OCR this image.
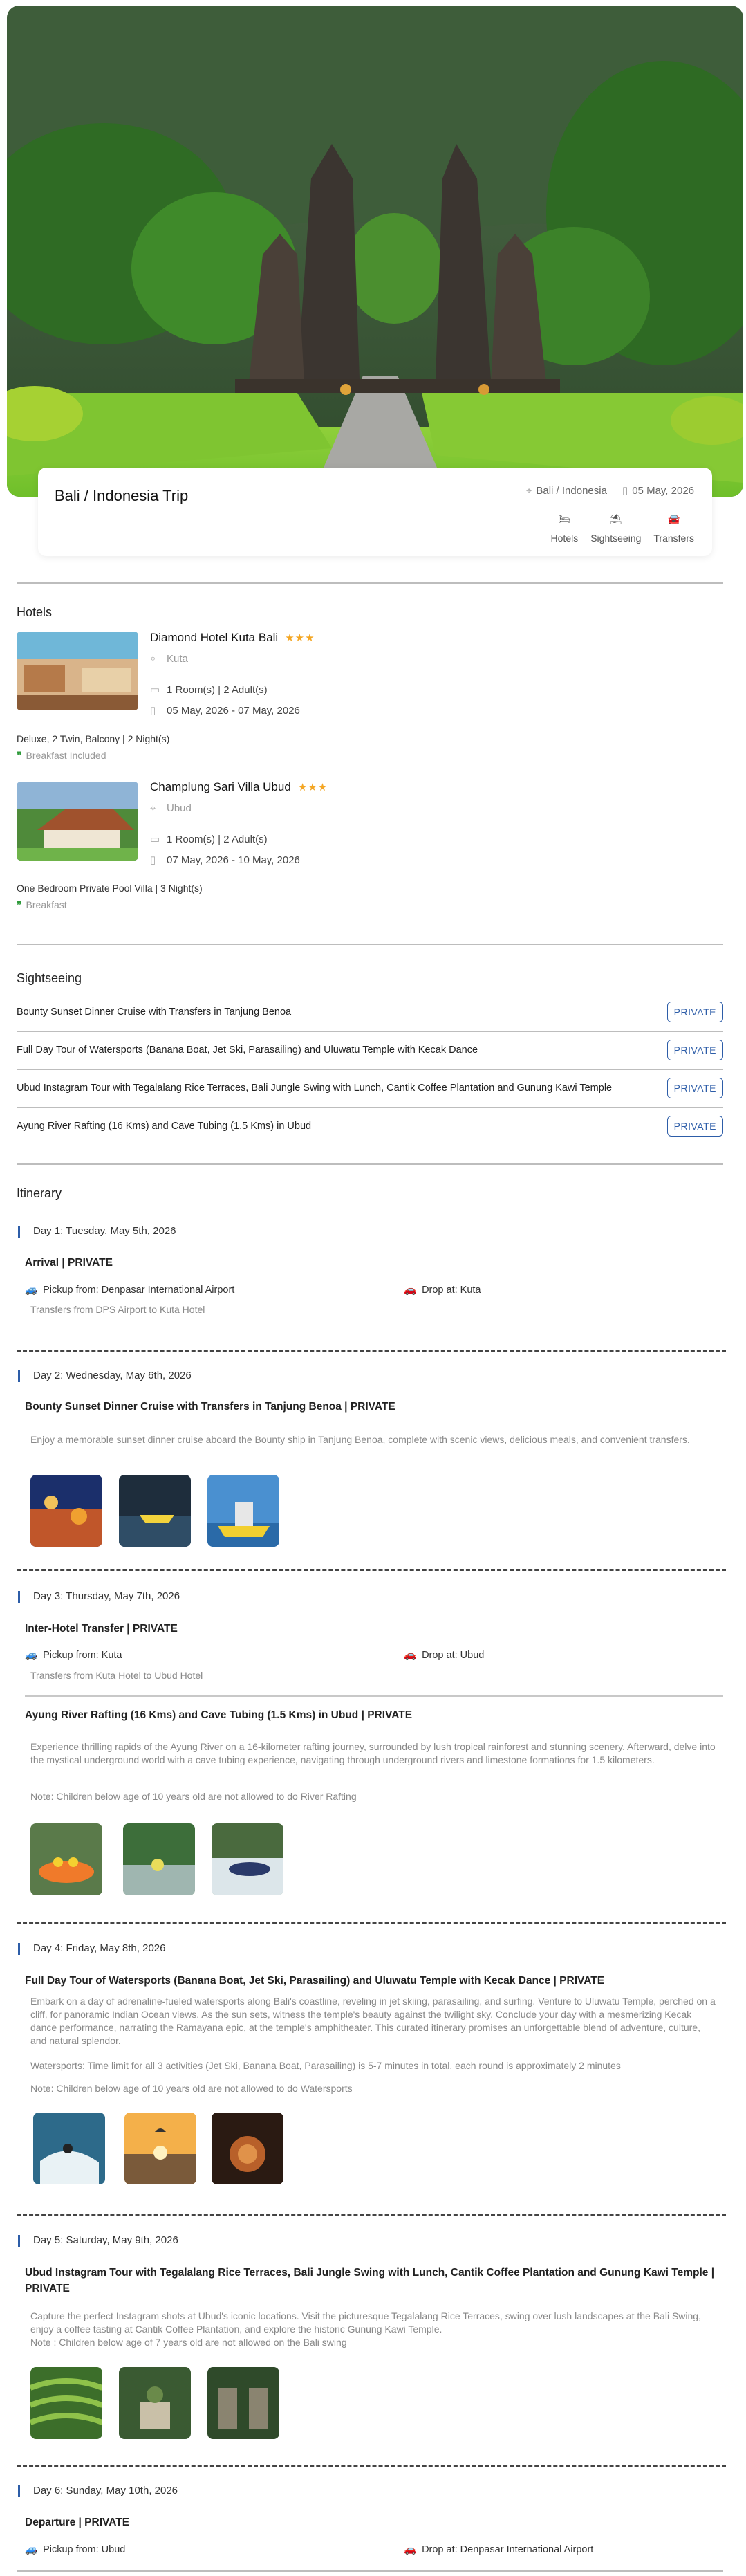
Bali / Indonesia Trip	⌖ Bali / Indonesia ▯ 05 May, 2026
🛏
Hotels
⛱
Sightseeing
🚘
Transfers
Hotels
Diamond Hotel Kuta Bali ★★★
⌖ Kuta
▭ 1 Room(s) | 2 Adult(s)
▯ 05 May, 2026 - 07 May, 2026
Deluxe, 2 Twin, Balcony | 2 Night(s)
❞ Breakfast Included
Champlung Sari Villa Ubud ★★★
⌖ Ubud
▭ 1 Room(s) | 2 Adult(s)
▯ 07 May, 2026 - 10 May, 2026
One Bedroom Private Pool Villa | 3 Night(s)
❞ Breakfast
Sightseeing
Bounty Sunset Dinner Cruise with Transfers in Tanjung Benoa	PRIVATE
Full Day Tour of Watersports (Banana Boat, Jet Ski, Parasailing) and Uluwatu Temple with Kecak Dance	PRIVATE
Ubud Instagram Tour with Tegalalang Rice Terraces, Bali Jungle Swing with Lunch, Cantik Coffee Plantation and Gunung Kawi Temple	PRIVATE
Ayung River Rafting (16 Kms) and Cave Tubing (1.5 Kms) in Ubud	PRIVATE
Itinerary
Day 1: Tuesday, May 5th, 2026
Arrival | PRIVATE
🚙 Pickup from: Denpasar International Airport	🚗 Drop at: Kuta
Transfers from DPS Airport to Kuta Hotel
Day 2: Wednesday, May 6th, 2026
Bounty Sunset Dinner Cruise with Transfers in Tanjung Benoa | PRIVATE
Enjoy a memorable sunset dinner cruise aboard the Bounty ship in Tanjung Benoa, complete with scenic views, delicious meals, and convenient transfers.
Day 3: Thursday, May 7th, 2026
Inter-Hotel Transfer | PRIVATE
🚙 Pickup from: Kuta	🚗 Drop at: Ubud
Transfers from Kuta Hotel to Ubud Hotel
Ayung River Rafting (16 Kms) and Cave Tubing (1.5 Kms) in Ubud | PRIVATE
Experience thrilling rapids of the Ayung River on a 16-kilometer rafting journey, surrounded by lush tropical rainforest and stunning scenery. Afterward, delve into the mystical underground world with a cave tubing experience, navigating through underground rivers and limestone formations for 1.5 kilometers.
Note: Children below age of 10 years old are not allowed to do River Rafting
Day 4: Friday, May 8th, 2026
Full Day Tour of Watersports (Banana Boat, Jet Ski, Parasailing) and Uluwatu Temple with Kecak Dance | PRIVATE
Embark on a day of adrenaline-fueled watersports along Bali's coastline, reveling in jet skiing, parasailing, and surfing. Venture to Uluwatu Temple, perched on a cliff, for panoramic Indian Ocean views. As the sun sets, witness the temple's beauty against the twilight sky. Conclude your day with a mesmerizing Kecak dance performance, narrating the Ramayana epic, at the temple's amphitheater. This curated itinerary promises an unforgettable blend of adventure, culture, and natural splendor.
Watersports: Time limit for all 3 activities (Jet Ski, Banana Boat, Parasailing) is 5-7 minutes in total, each round is approximately 2 minutes
Note: Children below age of 10 years old are not allowed to do Watersports
Day 5: Saturday, May 9th, 2026
Ubud Instagram Tour with Tegalalang Rice Terraces, Bali Jungle Swing with Lunch, Cantik Coffee Plantation and Gunung Kawi Temple |
PRIVATE
Capture the perfect Instagram shots at Ubud's iconic locations. Visit the picturesque Tegalalang Rice Terraces, swing over lush landscapes at the Bali Swing, enjoy a coffee tasting at Cantik Coffee Plantation, and explore the historic Gunung Kawi Temple.
Note : Children below age of 7 years old are not allowed on the Bali swing
Day 6: Sunday, May 10th, 2026
Departure | PRIVATE
🚙 Pickup from: Ubud	🚗 Drop at: Denpasar International Airport
